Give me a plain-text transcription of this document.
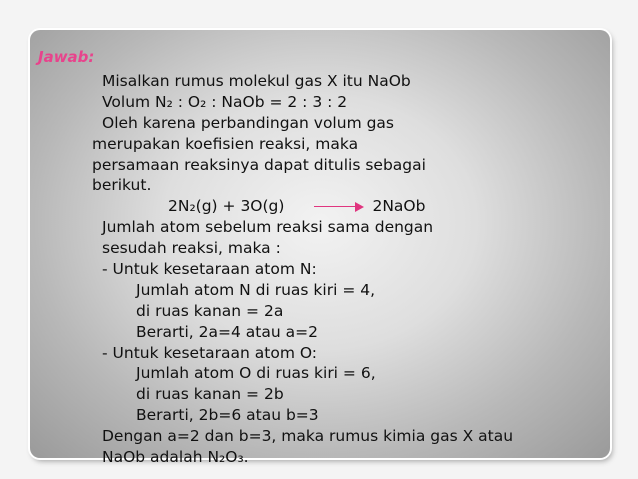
Jawab:
Misalkan rumus molekul gas X itu NaOb
Volum N₂ : O₂ : NaOb = 2 : 3 : 2
Oleh karena perbandingan volum gas
merupakan koefisien reaksi, maka
persamaan reaksinya dapat ditulis sebagai
berikut.
2N₂(g) + 3O(g)	2NaOb
Jumlah atom sebelum reaksi sama dengan
sesudah reaksi, maka :
- Untuk kesetaraan atom N:
Jumlah atom N di ruas kiri = 4,
di ruas kanan = 2a
Berarti, 2a=4 atau a=2
- Untuk kesetaraan atom O:
Jumlah atom O di ruas kiri = 6,
di ruas kanan = 2b
Berarti, 2b=6 atau b=3
Dengan a=2 dan b=3, maka rumus kimia gas X atau
NaOb adalah N₂O₃.
